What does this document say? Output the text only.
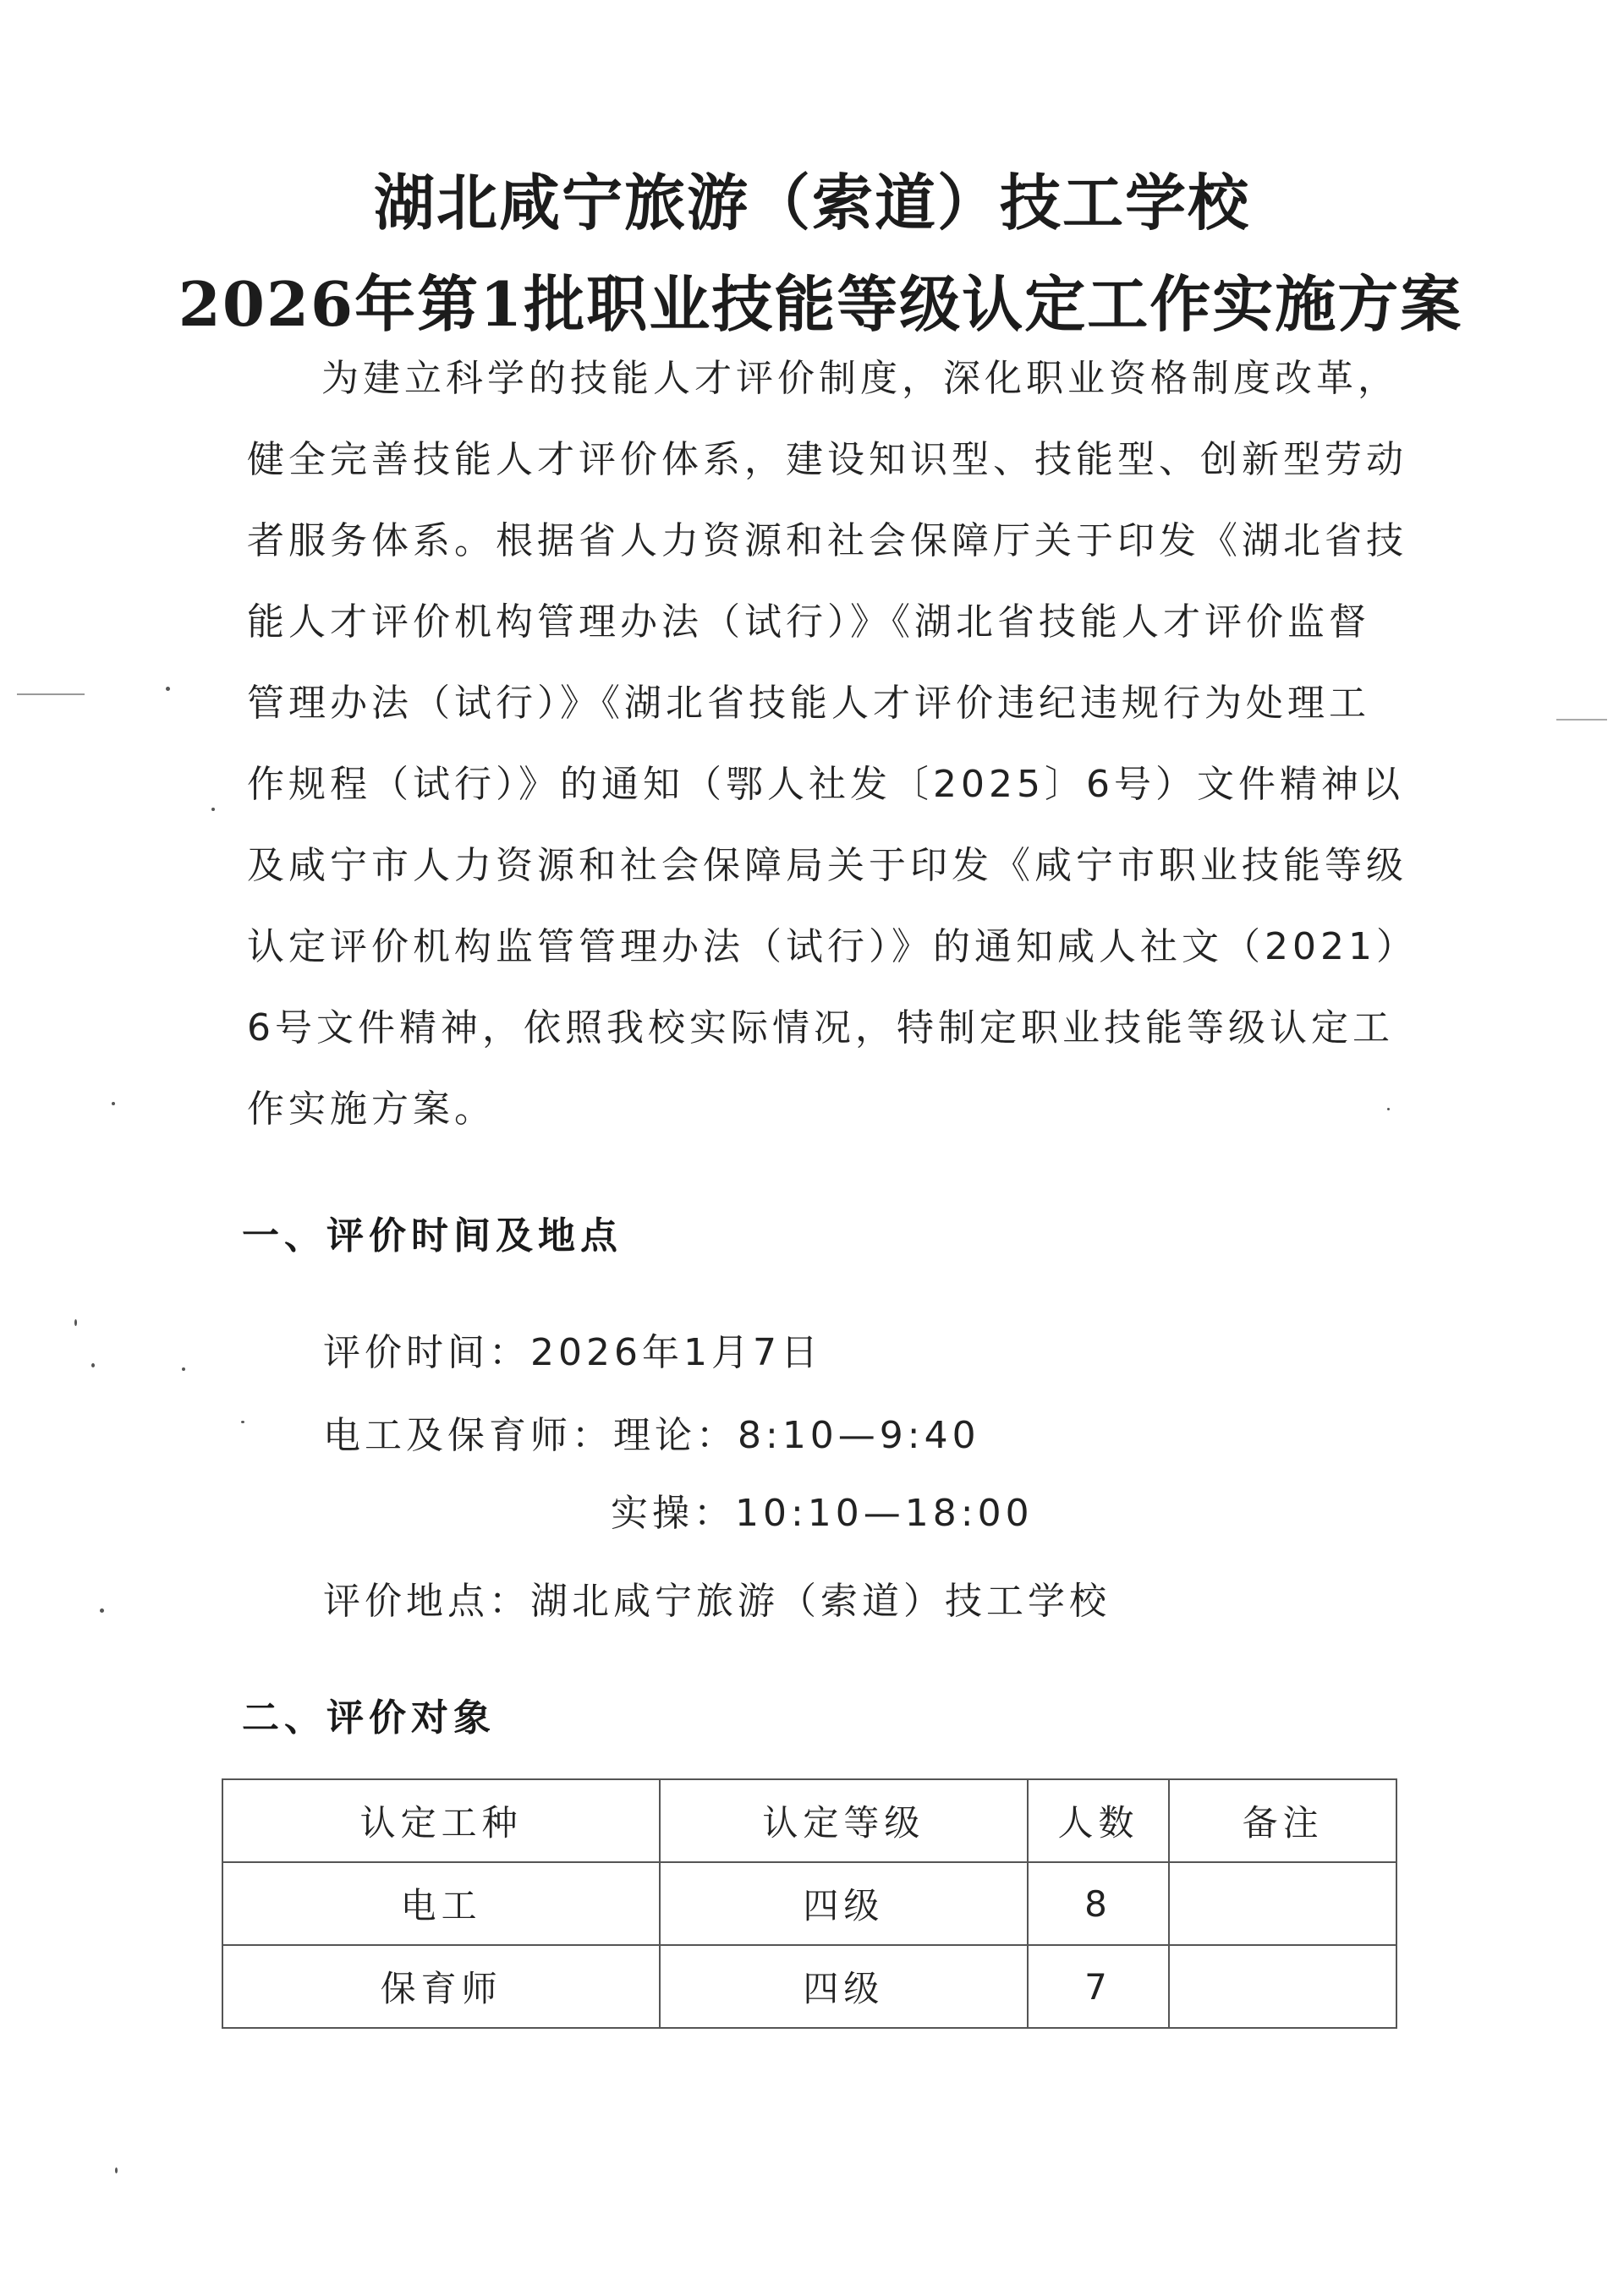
湖北咸宁旅游（索道）技工学校
2026年第1批职业技能等级认定工作实施方案
为建立科学的技能人才评价制度，深化职业资格制度改革，
健全完善技能人才评价体系，建设知识型、技能型、创新型劳动
者服务体系。根据省人力资源和社会保障厅关于印发《湖北省技
能人才评价机构管理办法（试行）》《湖北省技能人才评价监督
管理办法（试行）》《湖北省技能人才评价违纪违规行为处理工
作规程（试行）》的通知（鄂人社发〔2025〕6号）文件精神以
及咸宁市人力资源和社会保障局关于印发《咸宁市职业技能等级
认定评价机构监管管理办法（试行）》的通知咸人社文（2021）
6号文件精神，依照我校实际情况，特制定职业技能等级认定工
作实施方案。
一、评价时间及地点
评价时间：2026年1月7日
电工及保育师：理论：8:10—9:40
实操：10:10—18:00
评价地点：湖北咸宁旅游（索道）技工学校
二、评价对象
认定工种	认定等级	人数	备注
电工	四级	8	
保育师	四级	7	
